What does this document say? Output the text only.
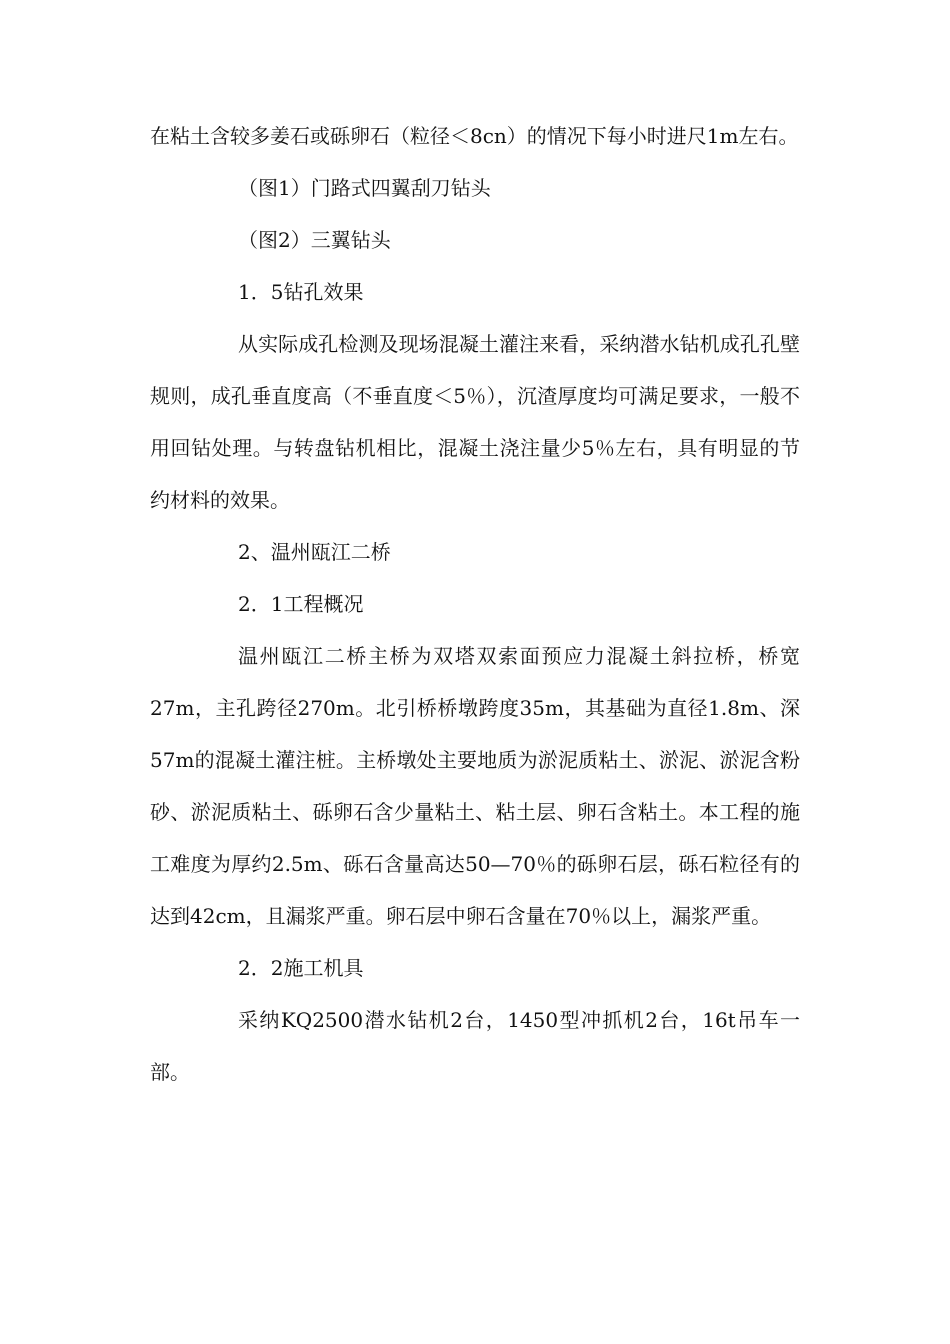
在粘土含较多姜石或砾卵石（粒径＜8cn）的情况下每小时进尺1m左右。

（图1）门路式四翼刮刀钻头

（图2）三翼钻头

1．5钻孔效果

从实际成孔检测及现场混凝土灌注来看，采纳潜水钻机成孔孔壁规则，成孔垂直度高（不垂直度＜5％），沉渣厚度均可满足要求，一般不用回钻处理。与转盘钻机相比，混凝土浇注量少5％左右，具有明显的节约材料的效果。

2、温州瓯江二桥

2．1工程概况

温州瓯江二桥主桥为双塔双索面预应力混凝土斜拉桥，桥宽27m，主孔跨径270m。北引桥桥墩跨度35m，其基础为直径1.8m、深57m的混凝土灌注桩。主桥墩处主要地质为淤泥质粘土、淤泥、淤泥含粉砂、淤泥质粘土、砾卵石含少量粘土、粘土层、卵石含粘土。本工程的施工难度为厚约2.5m、砾石含量高达50—70％的砾卵石层，砾石粒径有的达到42cm，且漏浆严重。卵石层中卵石含量在70％以上，漏浆严重。

2．2施工机具

采纳KQ2500潜水钻机2台，1450型冲抓机2台，16t吊车一部。
